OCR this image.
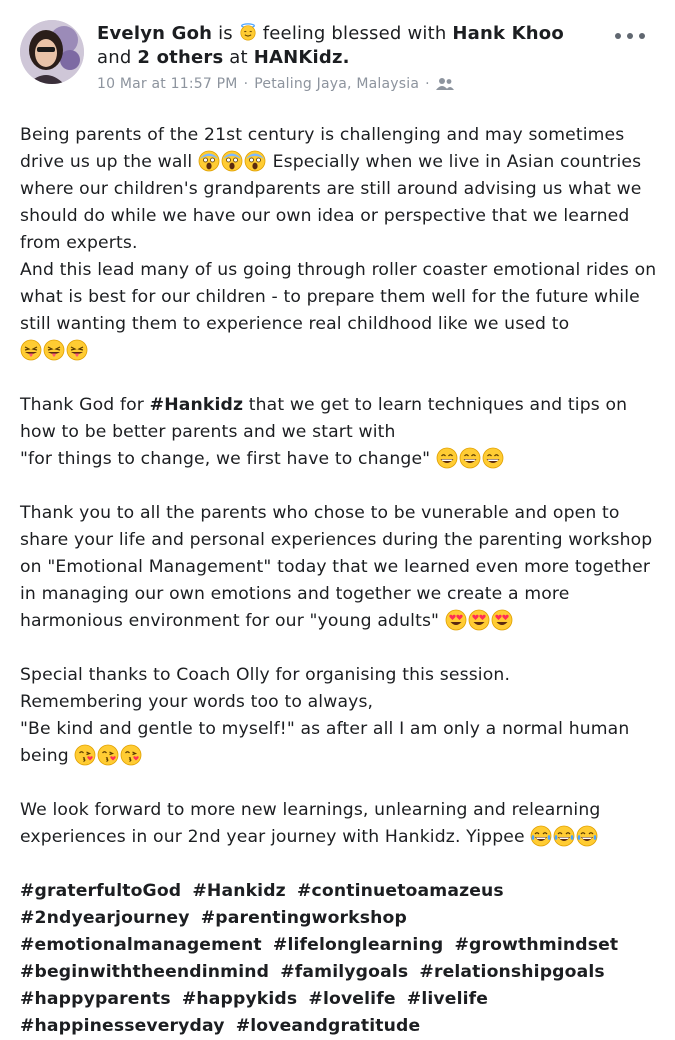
Evelyn Goh is feeling blessed with Hank Khoo
and 2 others at HANKidz.
10 Mar at 11:57 PM · Petaling Jaya, Malaysia ·

Being parents of the 21st century is challenging and may sometimes drive us up the wall	Especially when we live in Asian countries where our children's grandparents are still around advising us what we should do while we have our own idea or perspective that we learned from experts.

And this lead many of us going through roller coaster emotional rides on what is best for our children - to prepare them well for the future while still wanting them to experience real childhood like we used to

Thank God for #Hankidz that we get to learn techniques and tips on how to be better parents and we start with
"for things to change, we first have to change"

Thank you to all the parents who chose to be vunerable and open to share your life and personal experiences during the parenting workshop on "Emotional Management" today that we learned even more together in managing our own emotions and together we create a more harmonious environment for our "young adults"

Special thanks to Coach Olly for organising this session.
Remembering your words too to always,
"Be kind and gentle to myself!" as after all I am only a normal human being

We look forward to more new learnings, unlearning and relearning experiences in our 2nd year journey with Hankidz. Yippee

#graterfultoGod #Hankidz #continuetoamazeus #2ndyearjourney #parentingworkshop #emotionalmanagement #lifelonglearning #growthmindset #beginwiththeendinmind #familygoals #relationshipgoals #happyparents #happykids #lovelife #livelife #happinesseveryday #loveandgratitude
